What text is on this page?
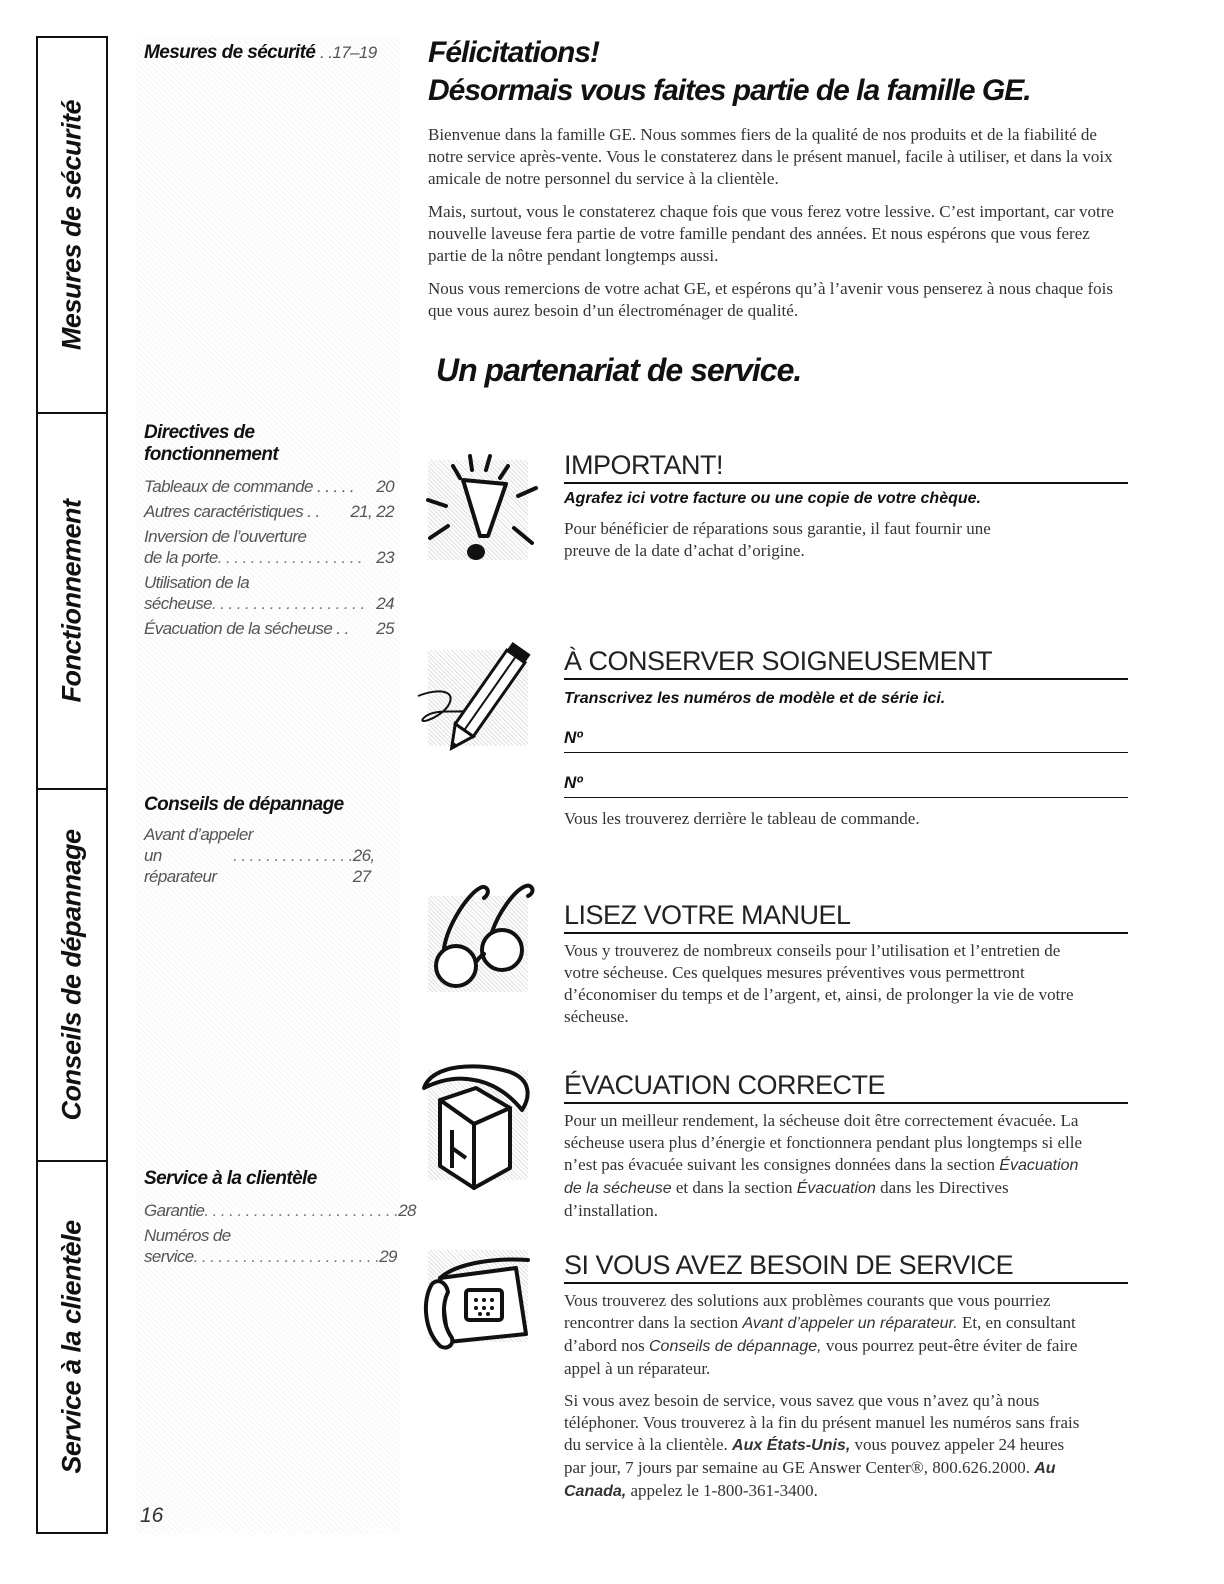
Mesures de sécurité
Fonctionnement
Conseils de dépannage
Service à la clientèle
Mesures de sécurité . .17–19
Directives de
fonctionnement
Tableaux de commande . . . . . 20
Autres caractéristiques . . 21, 22
Inversion de l’ouverture
de la porte . . . . . . . . . . . . . . . . . . 23
Utilisation de la
sécheuse . . . . . . . . . . . . . . . . . . . 24
Évacuation de la sécheuse . . 25
Conseils de dépannage
Avant d’appeler
un réparateur
. . . . . . . . . . . . . . . 26, 27
Service à la clientèle
Garantie . . . . . . . . . . . . . . . . . . . . . . . . 28
Numéros de
service . . . . . . . . . . . . . . . . . . . . . . . 29
16
Félicitations!
Désormais vous faites partie de la famille GE.

Bienvenue dans la famille GE. Nous sommes fiers de la qualité de nos produits et de la fiabilité de notre service après-vente. Vous le constaterez dans le présent manuel, facile à utiliser, et dans la voix amicale de notre personnel du service à la clientèle.

Mais, surtout, vous le constaterez chaque fois que vous ferez votre lessive. C’est important, car votre nouvelle laveuse fera partie de votre famille pendant des années. Et nous espérons que vous ferez partie de la nôtre pendant longtemps aussi.

Nous vous remercions de votre achat GE, et espérons qu’à l’avenir vous penserez à nous chaque fois que vous aurez besoin d’un électroménager de qualité.

Un partenariat de service.
IMPORTANT!
Agrafez ici votre facture ou une copie de votre chèque.
Pour bénéficier de réparations sous garantie, il faut fournir une preuve de la date d’achat d’origine.
À CONSERVER SOIGNEUSEMENT
Transcrivez les numéros de modèle et de série ici.
Nº
Nº
Vous les trouverez derrière le tableau de commande.
LISEZ VOTRE MANUEL
Vous y trouverez de nombreux conseils pour l’utilisation et l’entretien de votre sécheuse. Ces quelques mesures préventives vous permettront d’économiser du temps et de l’argent, et, ainsi, de prolonger la vie de votre sécheuse.
ÉVACUATION CORRECTE
Pour un meilleur rendement, la sécheuse doit être correctement évacuée. La sécheuse usera plus d’énergie et fonctionnera pendant plus longtemps si elle n’est pas évacuée suivant les consignes données dans la section Évacuation de la sécheuse et dans la section Évacuation dans les Directives d’installation.
SI VOUS AVEZ BESOIN DE SERVICE

Vous trouverez des solutions aux problèmes courants que vous pourriez rencontrer dans la section Avant d’appeler un réparateur. Et, en consultant d’abord nos Conseils de dépannage, vous pourrez peut-être éviter de faire appel à un réparateur.

Si vous avez besoin de service, vous savez que vous n’avez qu’à nous téléphoner. Vous trouverez à la fin du présent manuel les numéros sans frais du service à la clientèle. Aux États-Unis, vous pouvez appeler 24 heures par jour, 7 jours par semaine au GE Answer Center®, 800.626.2000. Au Canada, appelez le 1-800-361-3400.
